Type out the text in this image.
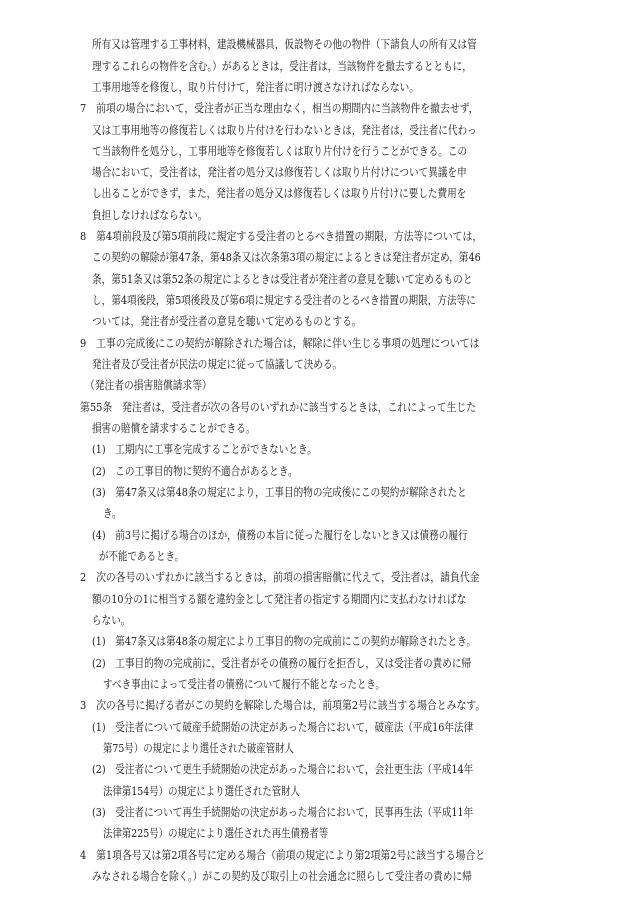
所有又は管理する工事材料，建設機械器具，仮設物その他の物件（下請負人の所有又は管

理するこれらの物件を含む。）があるときは，受注者は，当該物件を撤去するとともに，

工事用地等を修復し，取り片付けて，発注者に明け渡さなければならない。

7　前項の場合において，受注者が正当な理由なく，相当の期間内に当該物件を撤去せず，

又は工事用地等の修復若しくは取り片付けを行わないときは，発注者は，受注者に代わっ

て当該物件を処分し，工事用地等を修復若しくは取り片付けを行うことができる。この

場合において，受注者は，発注者の処分又は修復若しくは取り片付けについて異議を申

し出ることができず，また，発注者の処分又は修復若しくは取り片付けに要した費用を

負担しなければならない。

8　第4項前段及び第5項前段に規定する受注者のとるべき措置の期限，方法等については，

この契約の解除が第47条，第48条又は次条第3項の規定によるときは発注者が定め，第46

条，第51条又は第52条の規定によるときは受注者が発注者の意見を聴いて定めるものと

し，第4項後段，第5項後段及び第6項に規定する受注者のとるべき措置の期限，方法等に

ついては，発注者が受注者の意見を聴いて定めるものとする。

9　工事の完成後にこの契約が解除された場合は，解除に伴い生じる事項の処理については

発注者及び受注者が民法の規定に従って協議して決める。

（発注者の損害賠償請求等）

第55条　発注者は，受注者が次の各号のいずれかに該当するときは，これによって生じた

損害の賠償を請求することができる。

(1)　工期内に工事を完成することができないとき。

(2)　この工事目的物に契約不適合があるとき。

(3)　第47条又は第48条の規定により，工事目的物の完成後にこの契約が解除されたと

き。

(4)　前3号に掲げる場合のほか，債務の本旨に従った履行をしないとき又は債務の履行

が不能であるとき。

2　次の各号のいずれかに該当するときは，前項の損害賠償に代えて，受注者は，請負代金

額の10分の1に相当する額を違約金として発注者の指定する期間内に支払わなければな

らない。

(1)　第47条又は第48条の規定により工事目的物の完成前にこの契約が解除されたとき。

(2)　工事目的物の完成前に，受注者がその債務の履行を拒否し，又は受注者の責めに帰

すべき事由によって受注者の債務について履行不能となったとき。

3　次の各号に掲げる者がこの契約を解除した場合は，前項第2号に該当する場合とみなす。

(1)　受注者について破産手続開始の決定があった場合において，破産法（平成16年法律

第75号）の規定により選任された破産管財人

(2)　受注者について更生手続開始の決定があった場合において，会社更生法（平成14年

法律第154号）の規定により選任された管財人

(3)　受注者について再生手続開始の決定があった場合において，民事再生法（平成11年

法律第225号）の規定により選任された再生債務者等

4　第1項各号又は第2項各号に定める場合（前項の規定により第2項第2号に該当する場合と

みなされる場合を除く。）がこの契約及び取引上の社会通念に照らして受注者の責めに帰
